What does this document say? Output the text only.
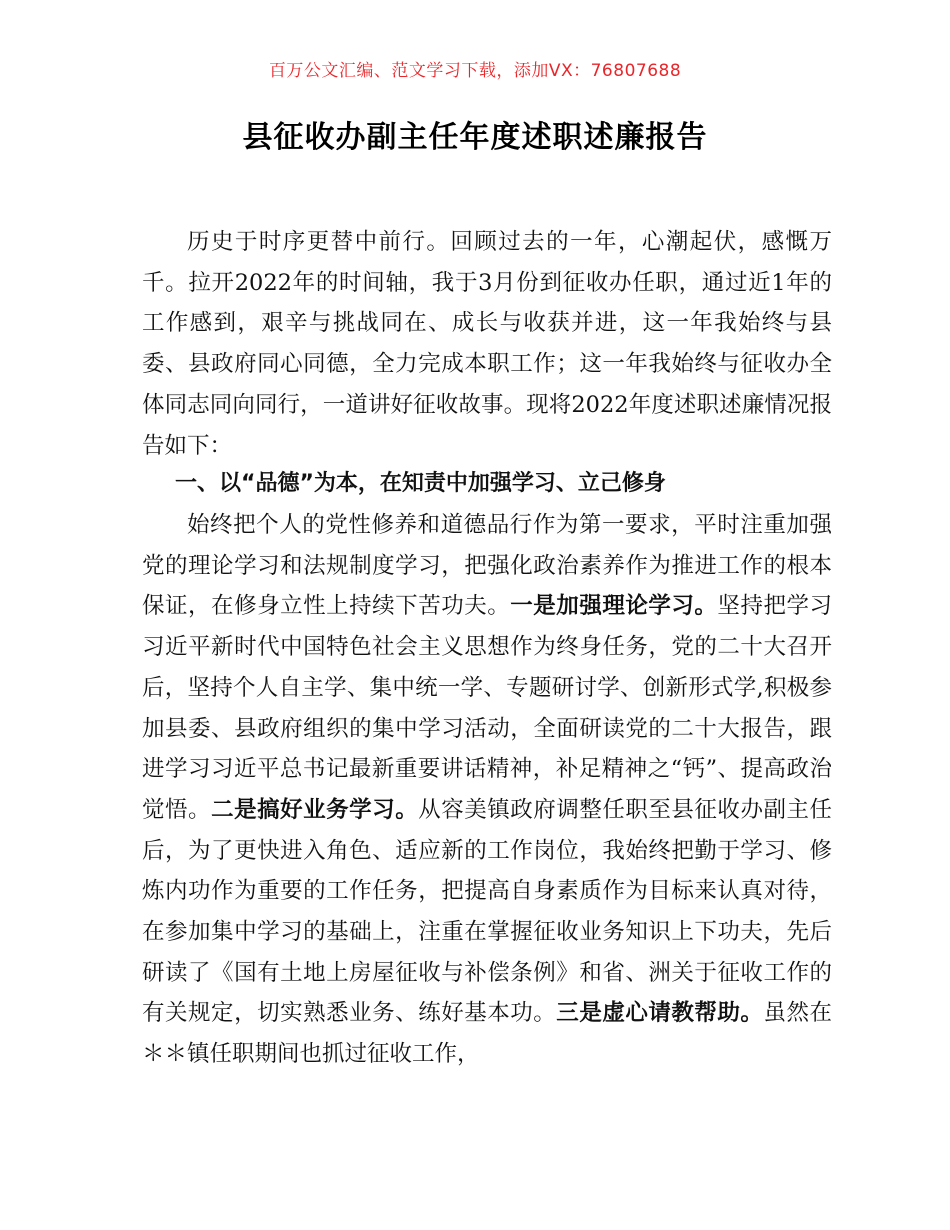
百万公文汇编、范文学习下载，添加VX：76807688
县征收办副主任年度述职述廉报告

历史于时序更替中前行。回顾过去的一年，心潮起伏，感慨万千。拉开2022年的时间轴，我于3月份到征收办任职，通过近1年的工作感到，艰辛与挑战同在、成长与收获并进，这一年我始终与县委、县政府同心同德，全力完成本职工作；这一年我始终与征收办全体同志同向同行，一道讲好征收故事。现将2022年度述职述廉情况报告如下：

一、以“品德”为本，在知责中加强学习、立己修身

始终把个人的党性修养和道德品行作为第一要求，平时注重加强党的理论学习和法规制度学习，把强化政治素养作为推进工作的根本保证，在修身立性上持续下苦功夫。一是加强理论学习。坚持把学习习近平新时代中国特色社会主义思想作为终身任务，党的二十大召开后，坚持个人自主学、集中统一学、专题研讨学、创新形式学,积极参加县委、县政府组织的集中学习活动，全面研读党的二十大报告，跟进学习习近平总书记最新重要讲话精神，补足精神之“钙”、提高政治觉悟。二是搞好业务学习。从容美镇政府调整任职至县征收办副主任后，为了更快进入角色、适应新的工作岗位，我始终把勤于学习、修炼内功作为重要的工作任务，把提高自身素质作为目标来认真对待，在参加集中学习的基础上，注重在掌握征收业务知识上下功夫，先后研读了《国有土地上房屋征收与补偿条例》和省、洲关于征收工作的有关规定，切实熟悉业务、练好基本功。三是虚心请教帮助。虽然在＊＊镇任职期间也抓过征收工作，
